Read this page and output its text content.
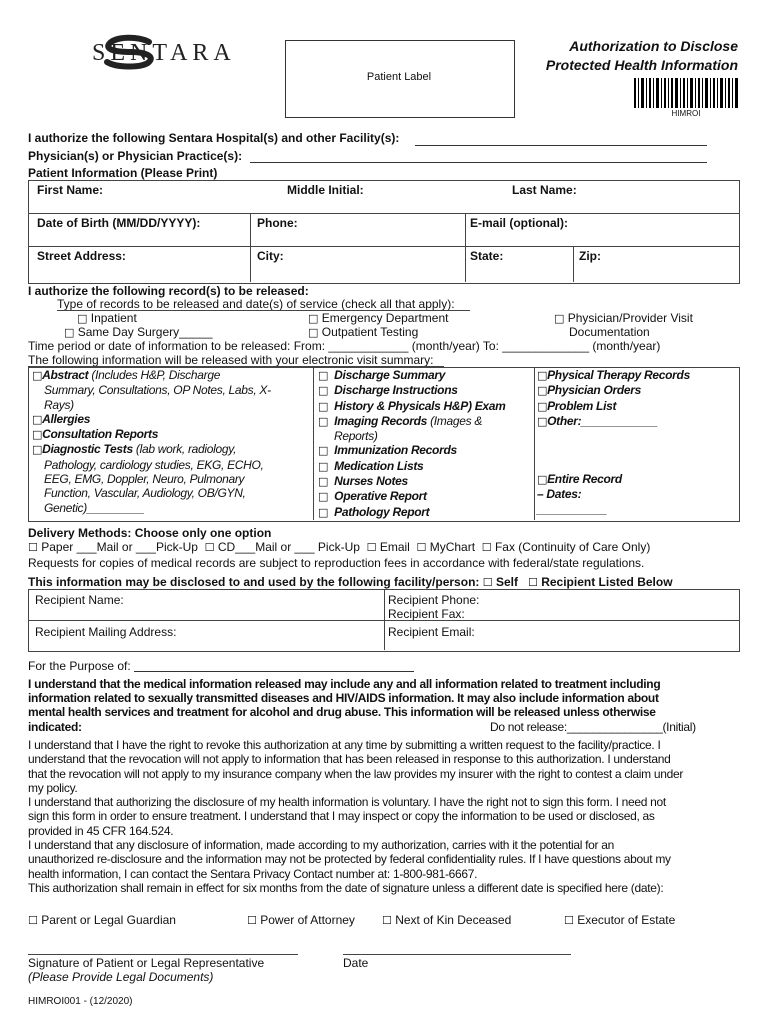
SENTARA
Patient Label
Authorization to Disclose
Protected Health Information
HIMROI
I authorize the following Sentara Hospital(s) and other Facility(s):
Physician(s) or Physician Practice(s):
Patient Information (Please Print)
First Name:	Middle Initial:	Last Name:
Date of Birth (MM/DD/YYYY):	Phone:	E-mail (optional):
Street Address:	City:	State:	Zip:
I authorize the following record(s) to be released:
Type of records to be released and date(s) of service (check all that apply):
□ Inpatient
□ Same Day Surgery_____
□ Emergency Department
□ Outpatient Testing
□ Physician/Provider Visit
Documentation
Time period or date of information to be released: From: ____________ (month/year) To: _____________ (month/year)
The following information will be released with your electronic visit summary:
□Abstract (Includes H&P, Discharge
Summary, Consultations, OP Notes, Labs, X-
Rays)
□Allergies
□Consultation Reports
□Diagnostic Tests (lab work, radiology,
Pathology, cardiology studies, EKG, ECHO,
EEG, EMG, Doppler, Neuro, Pulmonary
Function, Vascular, Audiology, OB/GYN,
Genetic)_________
□ Discharge Summary
□ Discharge Instructions
□ History & Physicals H&P) Exam
□ Imaging Records (Images &
Reports)
□ Immunization Records
□ Medication Lists
□ Nurses Notes
□ Operative Report
□ Pathology Report
□Physical Therapy Records
□Physician Orders
□Problem List
□Other:____________
□Entire Record
– Dates:
___________
Delivery Methods: Choose only one option
☐ Paper ___Mail or ___Pick-Up ☐ CD___Mail or ___ Pick-Up ☐ Email ☐ MyChart ☐ Fax (Continuity of Care Only)
Requests for copies of medical records are subject to reproduction fees in accordance with federal/state regulations.
This information may be disclosed to and used by the following facility/person: ☐ Self ☐ Recipient Listed Below
Recipient Name:	Recipient Phone:
Recipient Fax:
Recipient Mailing Address:	Recipient Email:
For the Purpose of:
I understand that the medical information released may include any and all information related to treatment including
information related to sexually transmitted diseases and HIV/AIDS information. It may also include information about
mental health services and treatment for alcohol and drug abuse. This information will be released unless otherwise
indicated:	Do not release:_______________(Initial)
I understand that I have the right to revoke this authorization at any time by submitting a written request to the facility/practice. I
understand that the revocation will not apply to information that has been released in response to this authorization. I understand
that the revocation will not apply to my insurance company when the law provides my insurer with the right to contest a claim under
my policy.
I understand that authorizing the disclosure of my health information is voluntary. I have the right not to sign this form. I need not
sign this form in order to ensure treatment. I understand that I may inspect or copy the information to be used or disclosed, as
provided in 45 CFR 164.524.
I understand that any disclosure of information, made according to my authorization, carries with it the potential for an
unauthorized re-disclosure and the information may not be protected by federal confidentiality rules. If I have questions about my
health information, I can contact the Sentara Privacy Contact number at: 1-800-981-6667.
This authorization shall remain in effect for six months from the date of signature unless a different date is specified here (date):
☐ Parent or Legal Guardian	☐ Power of Attorney ☐ Next of Kin Deceased	☐ Executor of Estate
Signature of Patient or Legal Representative
(Please Provide Legal Documents)
Date
HIMROI001 - (12/2020)
